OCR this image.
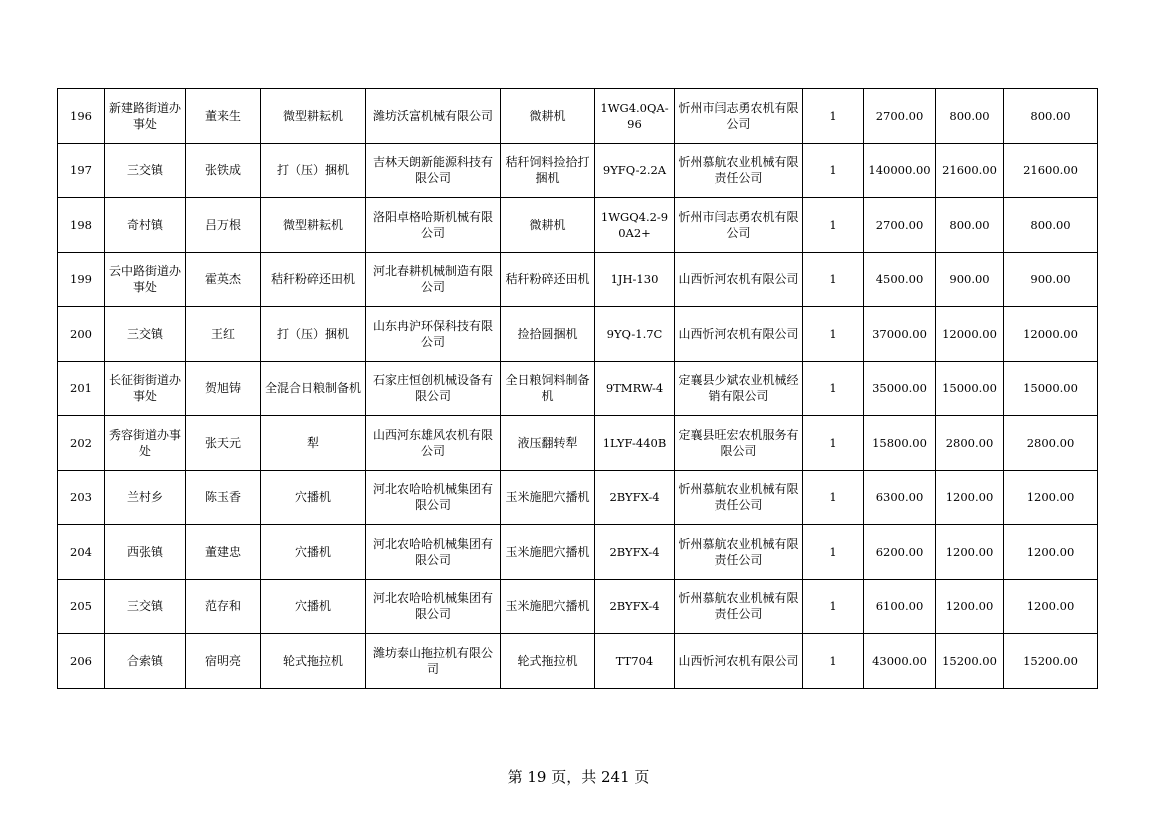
196	新建路街道办事处	董来生	微型耕耘机	潍坊沃富机械有限公司	微耕机	1WG4.0QA-96	忻州市闫志勇农机有限公司	1	2700.00	800.00	800.00
197	三交镇	张铁成	打（压）捆机	吉林天朗新能源科技有限公司	秸秆饲料捡拾打捆机	9YFQ-2.2A	忻州慕航农业机械有限责任公司	1	140000.00	21600.00	21600.00
198	奇村镇	吕万根	微型耕耘机	洛阳卓格哈斯机械有限公司	微耕机	1WGQ4.2-90A2+	忻州市闫志勇农机有限公司	1	2700.00	800.00	800.00
199	云中路街道办事处	霍英杰	秸秆粉碎还田机	河北春耕机械制造有限公司	秸秆粉碎还田机	1JH-130	山西忻河农机有限公司	1	4500.00	900.00	900.00
200	三交镇	王红	打（压）捆机	山东冉沪环保科技有限公司	捡拾圆捆机	9YQ-1.7C	山西忻河农机有限公司	1	37000.00	12000.00	12000.00
201	长征街街道办事处	贺旭铸	全混合日粮制备机	石家庄恒创机械设备有限公司	全日粮饲料制备机	9TMRW-4	定襄县少斌农业机械经销有限公司	1	35000.00	15000.00	15000.00
202	秀容街道办事处	张天元	犁	山西河东雄风农机有限公司	液压翻转犁	1LYF-440B	定襄县旺宏农机服务有限公司	1	15800.00	2800.00	2800.00
203	兰村乡	陈玉香	穴播机	河北农哈哈机械集团有限公司	玉米施肥穴播机	2BYFX-4	忻州慕航农业机械有限责任公司	1	6300.00	1200.00	1200.00
204	西张镇	董建忠	穴播机	河北农哈哈机械集团有限公司	玉米施肥穴播机	2BYFX-4	忻州慕航农业机械有限责任公司	1	6200.00	1200.00	1200.00
205	三交镇	范存和	穴播机	河北农哈哈机械集团有限公司	玉米施肥穴播机	2BYFX-4	忻州慕航农业机械有限责任公司	1	6100.00	1200.00	1200.00
206	合索镇	宿明亮	轮式拖拉机	潍坊泰山拖拉机有限公司	轮式拖拉机	TT704	山西忻河农机有限公司	1	43000.00	15200.00	15200.00
第 19 页，共 241 页
